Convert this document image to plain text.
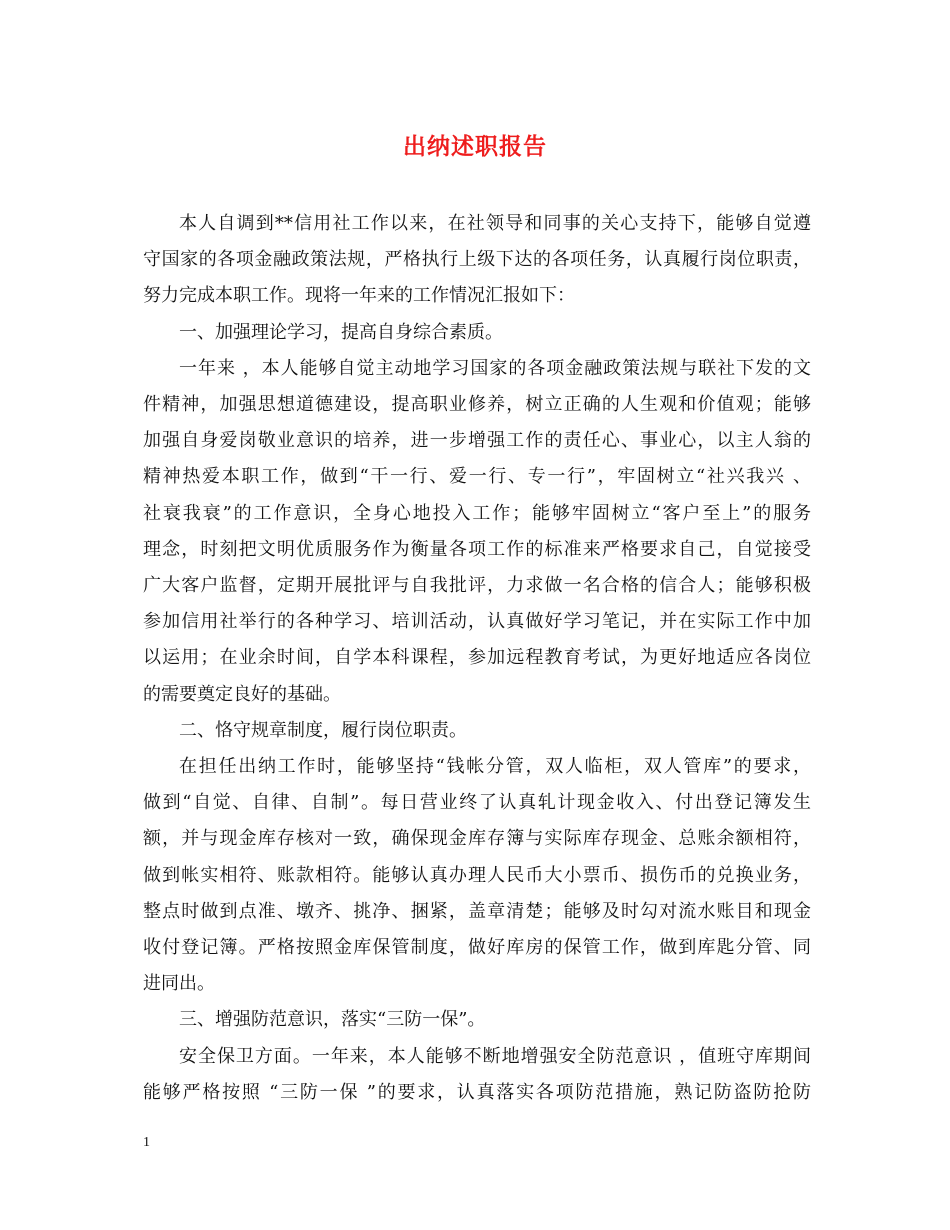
出纳述职报告

本人自调到**信用社工作以来，在社领导和同事的关心支持下，能够自觉遵
守国家的各项金融政策法规，严格执行上级下达的各项任务，认真履行岗位职责，
努力完成本职工作。现将一年来的工作情况汇报如下：

一、加强理论学习，提高自身综合素质。

一年来 ，本人能够自觉主动地学习国家的各项金融政策法规与联社下发的文
件精神，加强思想道德建设，提高职业修养，树立正确的人生观和价值观；能够
加强自身爱岗敬业意识的培养，进一步增强工作的责任心、事业心，以主人翁的
精神热爱本职工作，做到“干一行、爱一行、专一行”，牢固树立“社兴我兴 、
社衰我衰”的工作意识，全身心地投入工作；能够牢固树立“客户至上”的服务
理念，时刻把文明优质服务作为衡量各项工作的标准来严格要求自己，自觉接受
广大客户监督，定期开展批评与自我批评，力求做一名合格的信合人；能够积极
参加信用社举行的各种学习、培训活动，认真做好学习笔记，并在实际工作中加
以运用；在业余时间，自学本科课程，参加远程教育考试，为更好地适应各岗位
的需要奠定良好的基础。

二、恪守规章制度，履行岗位职责。

在担任出纳工作时，能够坚持“钱帐分管，双人临柜，双人管库”的要求，
做到“自觉、自律、自制”。每日营业终了认真轧计现金收入、付出登记簿发生
额，并与现金库存核对一致，确保现金库存簿与实际库存现金、总账余额相符，
做到帐实相符、账款相符。能够认真办理人民币大小票币、损伤币的兑换业务，
整点时做到点准、墩齐、挑净、捆紧，盖章清楚；能够及时勾对流水账目和现金
收付登记簿。严格按照金库保管制度，做好库房的保管工作，做到库匙分管、同
进同出。

三、增强防范意识，落实“三防一保”。

安全保卫方面。一年来，本人能够不断地增强安全防范意识 ，值班守库期间
能够严格按照 “三防一保 ”的要求，认真落实各项防范措施，熟记防盗防抢防

1
